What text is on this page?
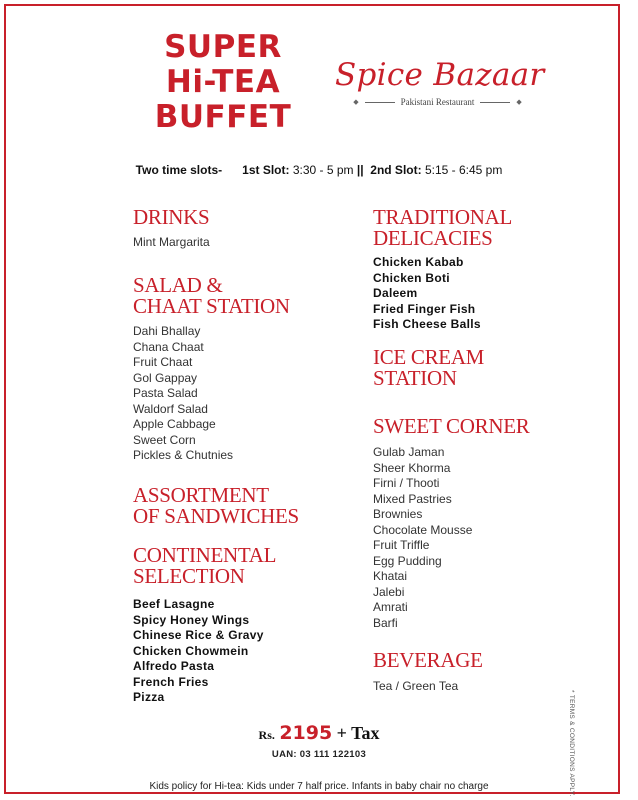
SUPER
Hi-TEA
BUFFET
Spice Bazaar
◆	Pakistani Restaurant	◆
Two time slots- 1st Slot: 3:30 - 5 pm || 2nd Slot: 5:15 - 6:45 pm
DRINKS
Mint Margarita
SALAD &
CHAAT STATION
Dahi Bhallay
Chana Chaat
Fruit Chaat
Gol Gappay
Pasta Salad
Waldorf Salad
Apple Cabbage
Sweet Corn
Pickles & Chutnies
ASSORTMENT
OF SANDWICHES
CONTINENTAL
SELECTION
Beef Lasagne
Spicy Honey Wings
Chinese Rice & Gravy
Chicken Chowmein
Alfredo Pasta
French Fries
Pizza
TRADITIONAL
DELICACIES
Chicken Kabab
Chicken Boti
Daleem
Fried Finger Fish
Fish Cheese Balls
ICE CREAM
STATION
SWEET CORNER
Gulab Jaman
Sheer Khorma
Firni / Thooti
Mixed Pastries
Brownies
Chocolate Mousse
Fruit Triffle
Egg Pudding
Khatai
Jalebi
Amrati
Barfi
BEVERAGE
Tea / Green Tea
* TERMS & CONDITIONS APPLY.
Rs. 2195 + Tax
UAN: 03 111 122103
Kids policy for Hi-tea: Kids under 7 half price. Infants in baby chair no charge
